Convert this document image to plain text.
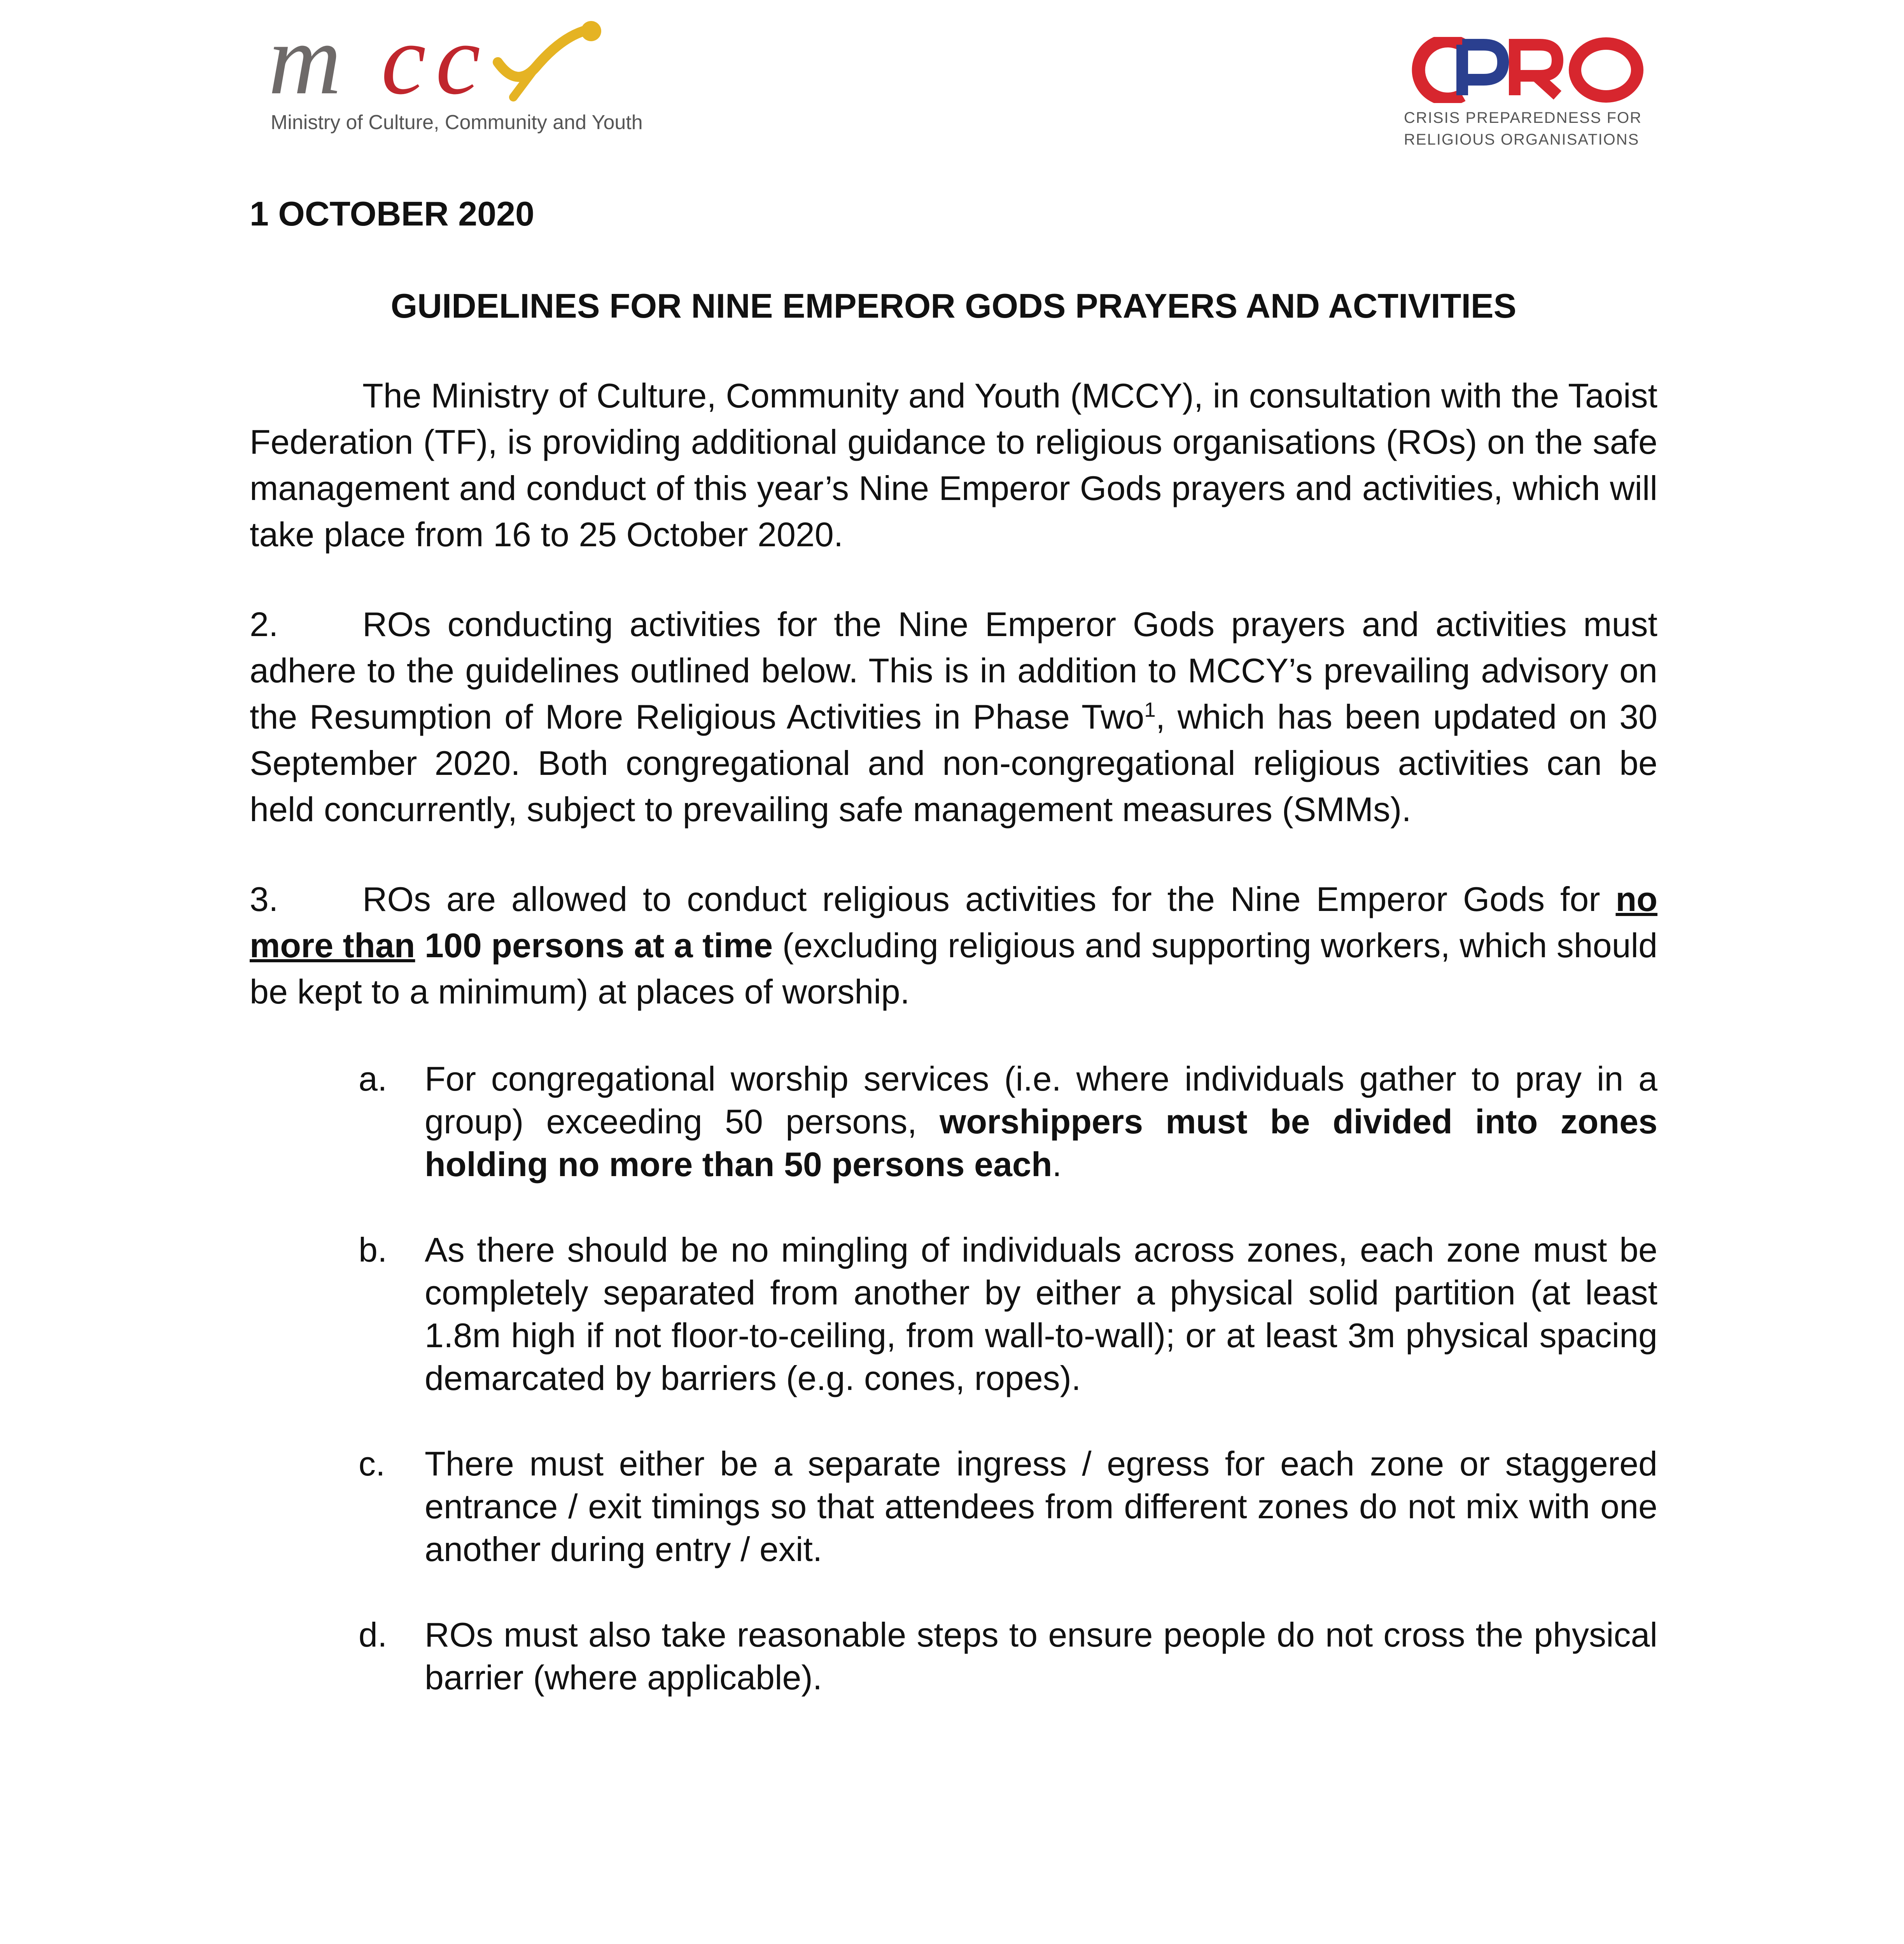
m c c
Ministry of Culture, Community and Youth	CRISIS PREPAREDNESS FOR
RELIGIOUS ORGANISATIONS

1 OCTOBER 2020

GUIDELINES FOR NINE EMPEROR GODS PRAYERS AND ACTIVITIES

The Ministry of Culture, Community and Youth (MCCY), in consultation with the Taoist Federation (TF), is providing additional guidance to religious organisations (ROs) on the safe management and conduct of this year’s Nine Emperor Gods prayers and activities, which will take place from 16 to 25 October 2020.

2. ROs conducting activities for the Nine Emperor Gods prayers and activities must adhere to the guidelines outlined below. This is in addition to MCCY’s prevailing advisory on the Resumption of More Religious Activities in Phase Two$^1$, which has been updated on 30 September 2020. Both congregational and non-congregational religious activities can be held concurrently, subject to prevailing safe management measures (SMMs).

3. ROs are allowed to conduct religious activities for the Nine Emperor Gods for no more than 100 persons at a time (excluding religious and supporting workers, which should be kept to a minimum) at places of worship.

a. For congregational worship services (i.e. where individuals gather to pray in a group) exceeding 50 persons, worshippers must be divided into zones holding no more than 50 persons each.
b. As there should be no mingling of individuals across zones, each zone must be completely separated from another by either a physical solid partition (at least 1.8m high if not floor-to-ceiling, from wall-to-wall); or at least 3m physical spacing demarcated by barriers (e.g. cones, ropes).
c. There must either be a separate ingress / egress for each zone or staggered entrance / exit timings so that attendees from different zones do not mix with one another during entry / exit.
d. ROs must also take reasonable steps to ensure people do not cross the physical barrier (where applicable).
